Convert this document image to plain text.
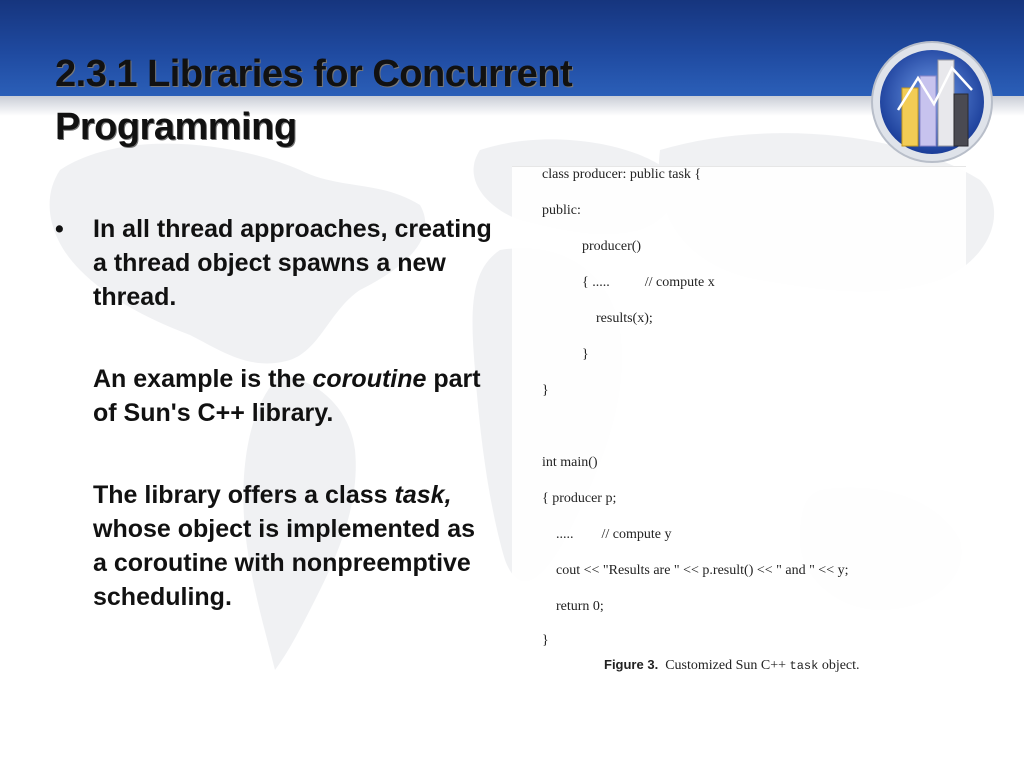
2.3.1 Libraries for Concurrent
Programming
•	In all thread approaches, creating a thread object spawns a new thread.

An example is the coroutine part of Sun's C++ library.

The library offers a class task, whose object is implemented as a coroutine with nonpreemptive scheduling.

class producer: public task {
public:
producer()
{ .....          // compute x
results(x);
}
}
int main()
{ producer p;
.....        // compute y
cout << "Results are " << p.result() << " and " << y;
return 0;
}
Figure 3.  Customized Sun C++ task object.
